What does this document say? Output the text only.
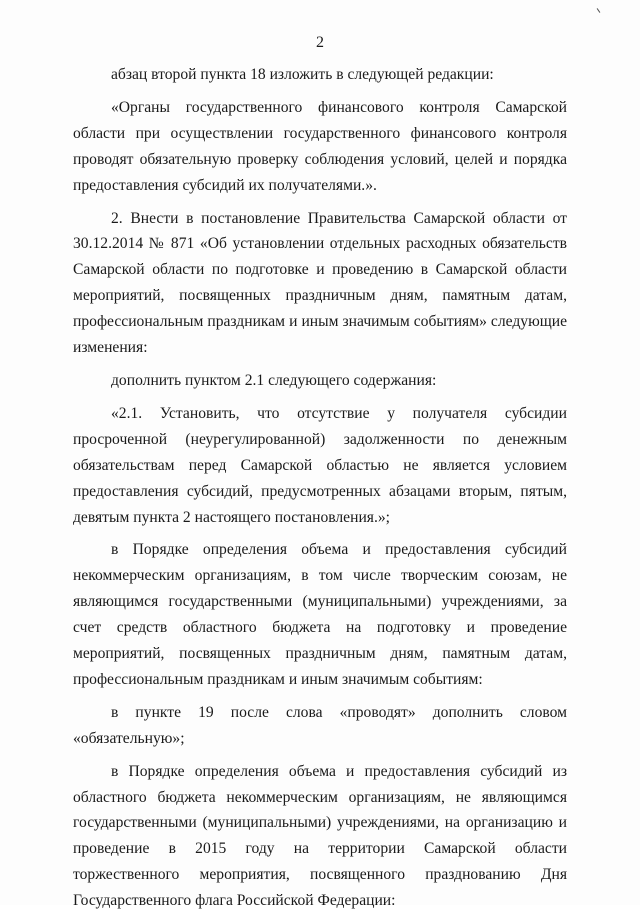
2

абзац второй пункта 18 изложить в следующей редакции:

«Органы государственного финансового контроля Самарской области при осуществлении государственного финансового контроля проводят обязательную проверку соблюдения условий, целей и порядка предоставления субсидий их получателями.».

2. Внести в постановление Правительства Самарской области от 30.12.2014 № 871 «Об установлении отдельных расходных обязательств Самарской области по подготовке и проведению в Самарской области мероприятий, посвященных праздничным дням, памятным датам, профессиональным праздникам и иным значимым событиям» следующие изменения:

дополнить пунктом 2.1 следующего содержания:

«2.1. Установить, что отсутствие у получателя субсидии просроченной (неурегулированной) задолженности по денежным обязательствам перед Самарской областью не является условием предоставления субсидий, предусмотренных абзацами вторым, пятым, девятым пункта 2 настоящего постановления.»;

в Порядке определения объема и предоставления субсидий некоммерческим организациям, в том числе творческим союзам, не являющимся государственными (муниципальными) учреждениями, за счет средств областного бюджета на подготовку и проведение мероприятий, посвященных праздничным дням, памятным датам, профессиональным праздникам и иным значимым событиям:

в пункте 19 после слова «проводят» дополнить словом «обязательную»;

в Порядке определения объема и предоставления субсидий из областного бюджета некоммерческим организациям, не являющимся государственными (муниципальными) учреждениями, на организацию и проведение в 2015 году на территории Самарской области торжественного мероприятия, посвященного празднованию Дня Государственного флага Российской Федерации:
